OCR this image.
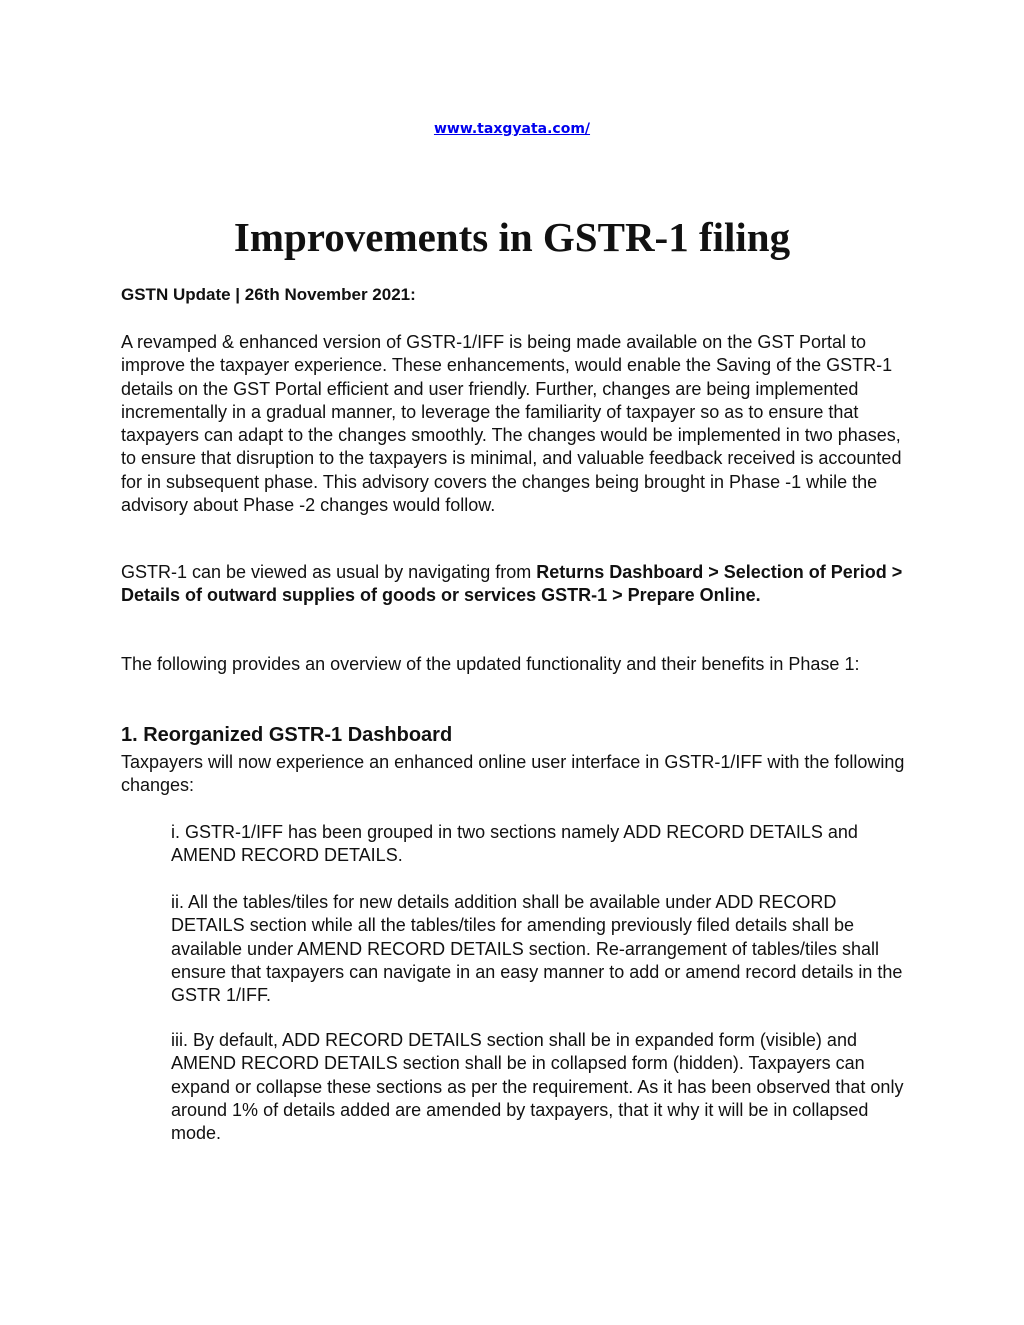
www.taxgyata.com/
Improvements in GSTR-1 filing

GSTN Update | 26th November 2021:

A revamped & enhanced version of GSTR-1/IFF is being made available on the GST Portal to improve the taxpayer experience. These enhancements, would enable the Saving of the GSTR-1 details on the GST Portal efficient and user friendly. Further, changes are being implemented incrementally in a gradual manner, to leverage the familiarity of taxpayer so as to ensure that taxpayers can adapt to the changes smoothly. The changes would be implemented in two phases, to ensure that disruption to the taxpayers is minimal, and valuable feedback received is accounted for in subsequent phase. This advisory covers the changes being brought in Phase -1 while the advisory about Phase -2 changes would follow.

GSTR-1 can be viewed as usual by navigating from Returns Dashboard > Selection of Period > Details of outward supplies of goods or services GSTR-1 > Prepare Online.

The following provides an overview of the updated functionality and their benefits in Phase 1:

1. Reorganized GSTR-1 Dashboard

Taxpayers will now experience an enhanced online user interface in GSTR-1/IFF with the following changes:

i. GSTR-1/IFF has been grouped in two sections namely ADD RECORD DETAILS and AMEND RECORD DETAILS.

ii. All the tables/tiles for new details addition shall be available under ADD RECORD DETAILS section while all the tables/tiles for amending previously filed details shall be available under AMEND RECORD DETAILS section. Re-arrangement of tables/tiles shall ensure that taxpayers can navigate in an easy manner to add or amend record details in the GSTR 1/IFF.

iii. By default, ADD RECORD DETAILS section shall be in expanded form (visible) and AMEND RECORD DETAILS section shall be in collapsed form (hidden). Taxpayers can expand or collapse these sections as per the requirement. As it has been observed that only around 1% of details added are amended by taxpayers, that it why it will be in collapsed mode.
